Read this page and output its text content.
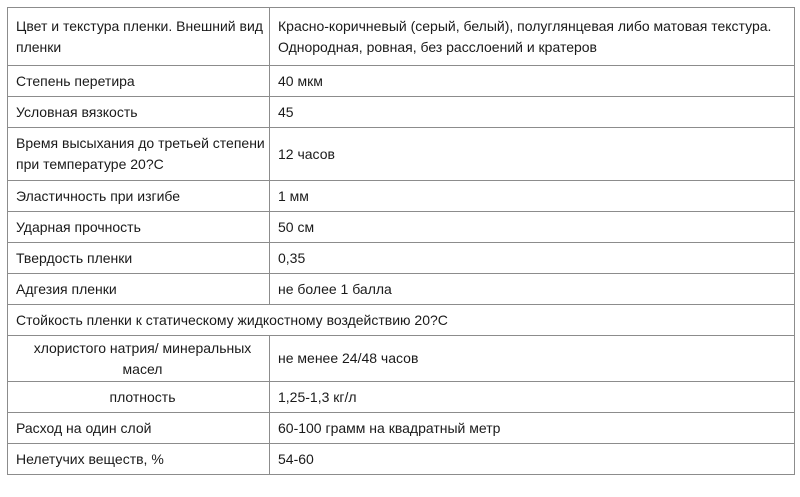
Цвет и текстура пленки. Внешний вид пленки	Красно-коричневый (серый, белый), полуглянцевая либо матовая текстура. Однородная, ровная, без расслоений и кратеров
Степень перетира	40 мкм
Условная вязкость	45
Время высыхания до третьей степени при температуре 20?С	12 часов
Эластичность при изгибе	1 мм
Ударная прочность	50 см
Твердость пленки	0,35
Адгезия пленки	не более 1 балла
Стойкость пленки к статическому жидкостному воздействию 20?С	
хлористого натрия/ минеральных масел	не менее 24/48 часов
плотность	1,25-1,3 кг/л
Расход на один слой	60-100 грамм на квадратный метр
Нелетучих веществ, %	54-60
